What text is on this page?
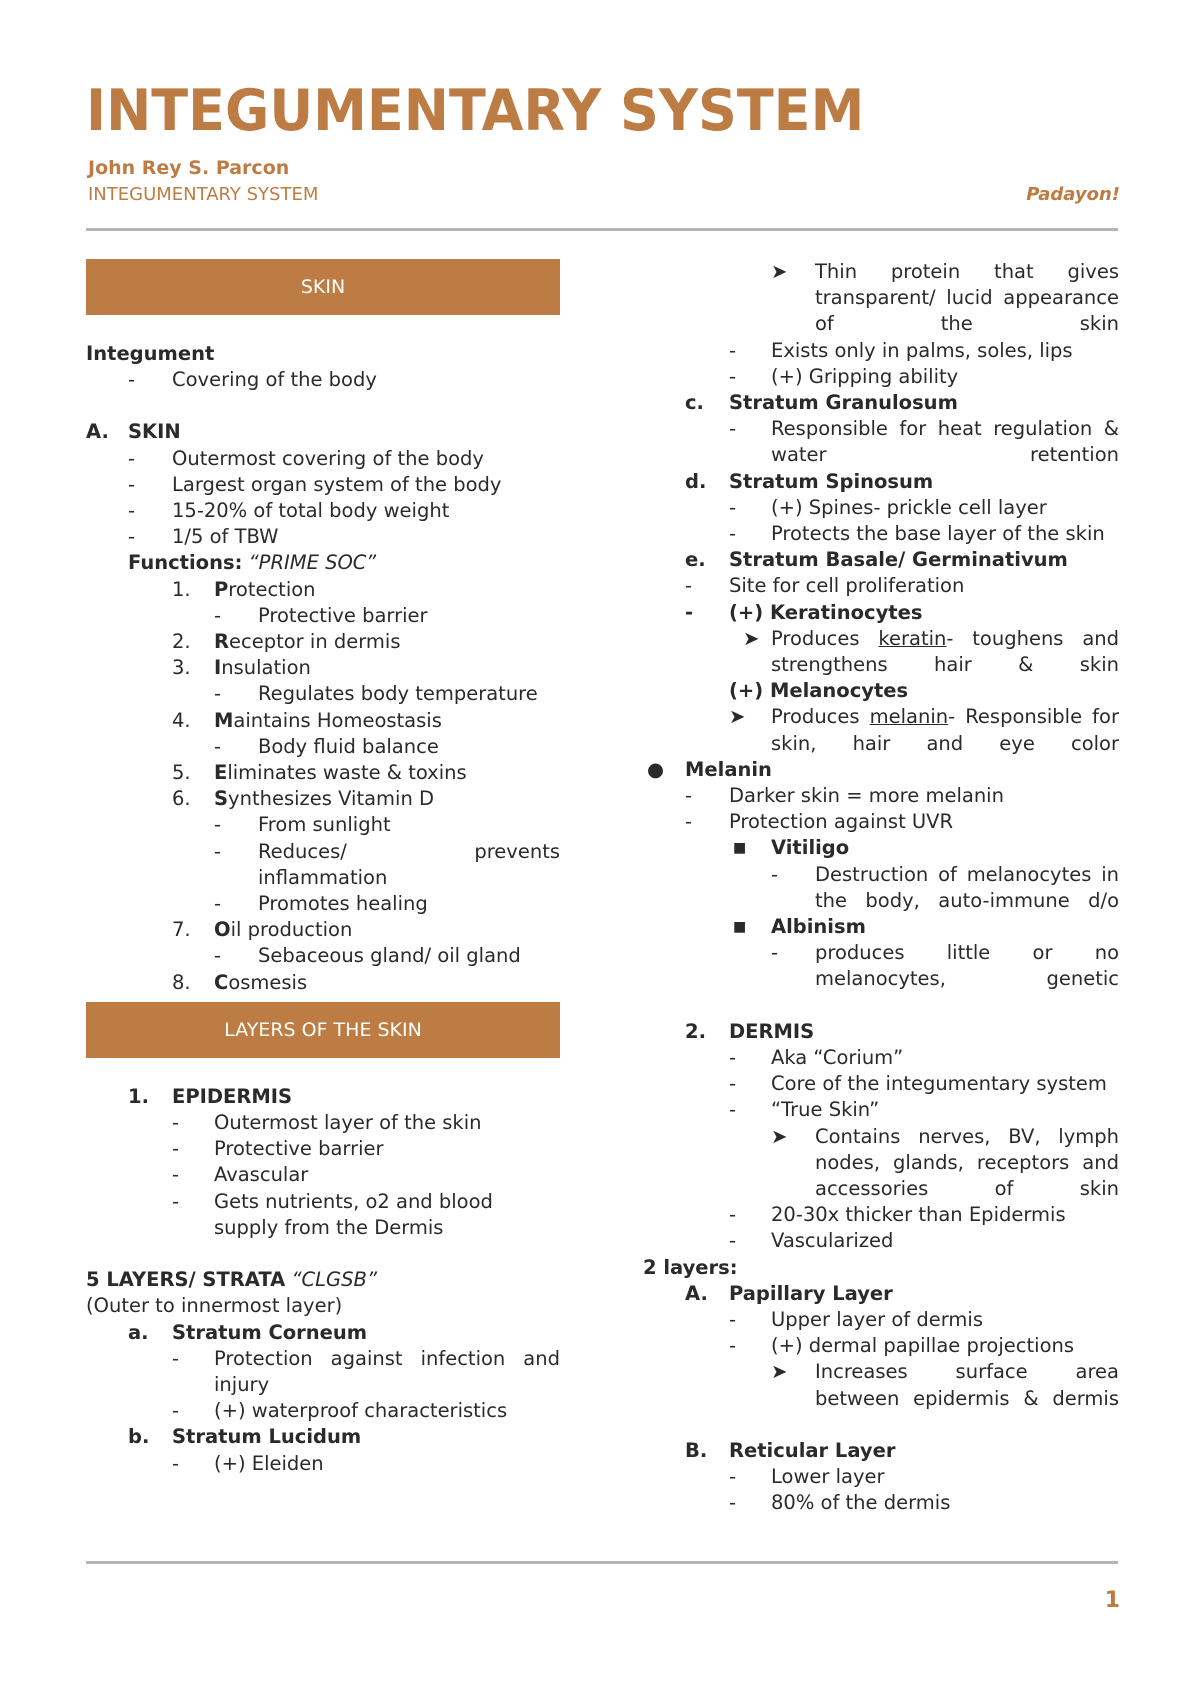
INTEGUMENTARY SYSTEM
John Rey S. Parcon
INTEGUMENTARY SYSTEM	Padayon!
SKIN
Integument
- Covering of the body
A. SKIN
- Outermost covering of the body
- Largest organ system of the body
- 15-20% of total body weight
- 1/5 of TBW
Functions: “PRIME SOC”
1. Protection
- Protective barrier
2. Receptor in dermis
3. Insulation
- Regulates body temperature
4. Maintains Homeostasis
- Body fluid balance
5. Eliminates waste & toxins
6. Synthesizes Vitamin D
- From sunlight
- Reduces/ prevents inflammation
- Promotes healing
7. Oil production
- Sebaceous gland/ oil gland
8. Cosmesis
LAYERS OF THE SKIN
1. EPIDERMIS
- Outermost layer of the skin
- Protective barrier
- Avascular
- Gets nutrients, o2 and blood supply from the Dermis
5 LAYERS/ STRATA “CLGSB”
(Outer to innermost layer)
a. Stratum Corneum
- Protection against infection and injury
- (+) waterproof characteristics
b. Stratum Lucidum
- (+) Eleiden
➤ Thin protein that gives transparent/ lucid appearance of the skin
- Exists only in palms, soles, lips
- (+) Gripping ability
c. Stratum Granulosum
- Responsible for heat regulation & water retention
d. Stratum Spinosum
- (+) Spines- prickle cell layer
- Protects the base layer of the skin
e. Stratum Basale/ Germinativum
- Site for cell proliferation
- (+) Keratinocytes
➤ Produces keratin- toughens and strengthens hair & skin
(+) Melanocytes
➤ Produces melanin- Responsible for skin, hair and eye color
● Melanin
- Darker skin = more melanin
- Protection against UVR
■ Vitiligo
- Destruction of melanocytes in the body, auto-immune d/o
■ Albinism
- produces little or no melanocytes, genetic
2. DERMIS
- Aka “Corium”
- Core of the integumentary system
- “True Skin”
➤ Contains nerves, BV, lymph nodes, glands, receptors and accessories of skin
- 20-30x thicker than Epidermis
- Vascularized
2 layers:
A. Papillary Layer
- Upper layer of dermis
- (+) dermal papillae projections
➤ Increases surface area between epidermis & dermis
B. Reticular Layer
- Lower layer
- 80% of the dermis
1
